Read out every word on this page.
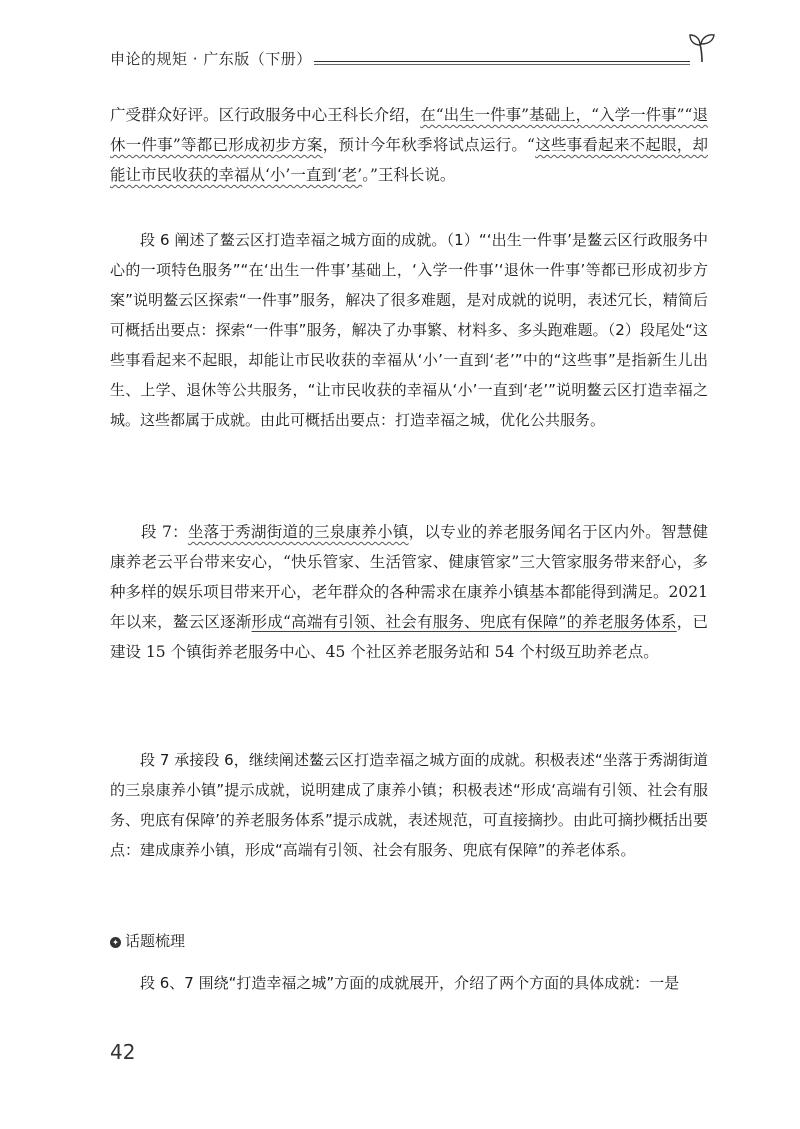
申论的规矩 · 广东版（下册）

广受群众好评。区行政服务中心王科长介绍，在“出生一件事”基础上，“入学一件事”“退休一件事”等都已形成初步方案，预计今年秋季将试点运行。“这些事看起来不起眼，却能让市民收获的幸福从‘小’一直到‘老’。”王科长说。

段 6 阐述了鳌云区打造幸福之城方面的成就。（1）“‘出生一件事’是鳌云区行政服务中心的一项特色服务”“在‘出生一件事’基础上，‘入学一件事’‘退休一件事’等都已形成初步方案”说明鳌云区探索“一件事”服务，解决了很多难题，是对成就的说明，表述冗长，精简后可概括出要点：探索“一件事”服务，解决了办事繁、材料多、多头跑难题。（2）段尾处“这些事看起来不起眼，却能让市民收获的幸福从‘小’一直到‘老’”中的“这些事”是指新生儿出生、上学、退休等公共服务，“让市民收获的幸福从‘小’一直到‘老’”说明鳌云区打造幸福之城。这些都属于成就。由此可概括出要点：打造幸福之城，优化公共服务。

段 7：坐落于秀湖街道的三泉康养小镇，以专业的养老服务闻名于区内外。智慧健康养老云平台带来安心，“快乐管家、生活管家、健康管家”三大管家服务带来舒心，多种多样的娱乐项目带来开心，老年群众的各种需求在康养小镇基本都能得到满足。2021 年以来，鳌云区逐渐形成“高端有引领、社会有服务、兜底有保障”的养老服务体系，已建设 15 个镇街养老服务中心、45 个社区养老服务站和 54 个村级互助养老点。

段 7 承接段 6，继续阐述鳌云区打造幸福之城方面的成就。积极表述“坐落于秀湖街道的三泉康养小镇”提示成就，说明建成了康养小镇；积极表述“形成‘高端有引领、社会有服务、兜底有保障’的养老服务体系”提示成就，表述规范，可直接摘抄。由此可摘抄概括出要点：建成康养小镇，形成“高端有引领、社会有服务、兜底有保障”的养老体系。

✦ 话题梳理

段 6、7 围绕“打造幸福之城”方面的成就展开，介绍了两个方面的具体成就：一是

42
